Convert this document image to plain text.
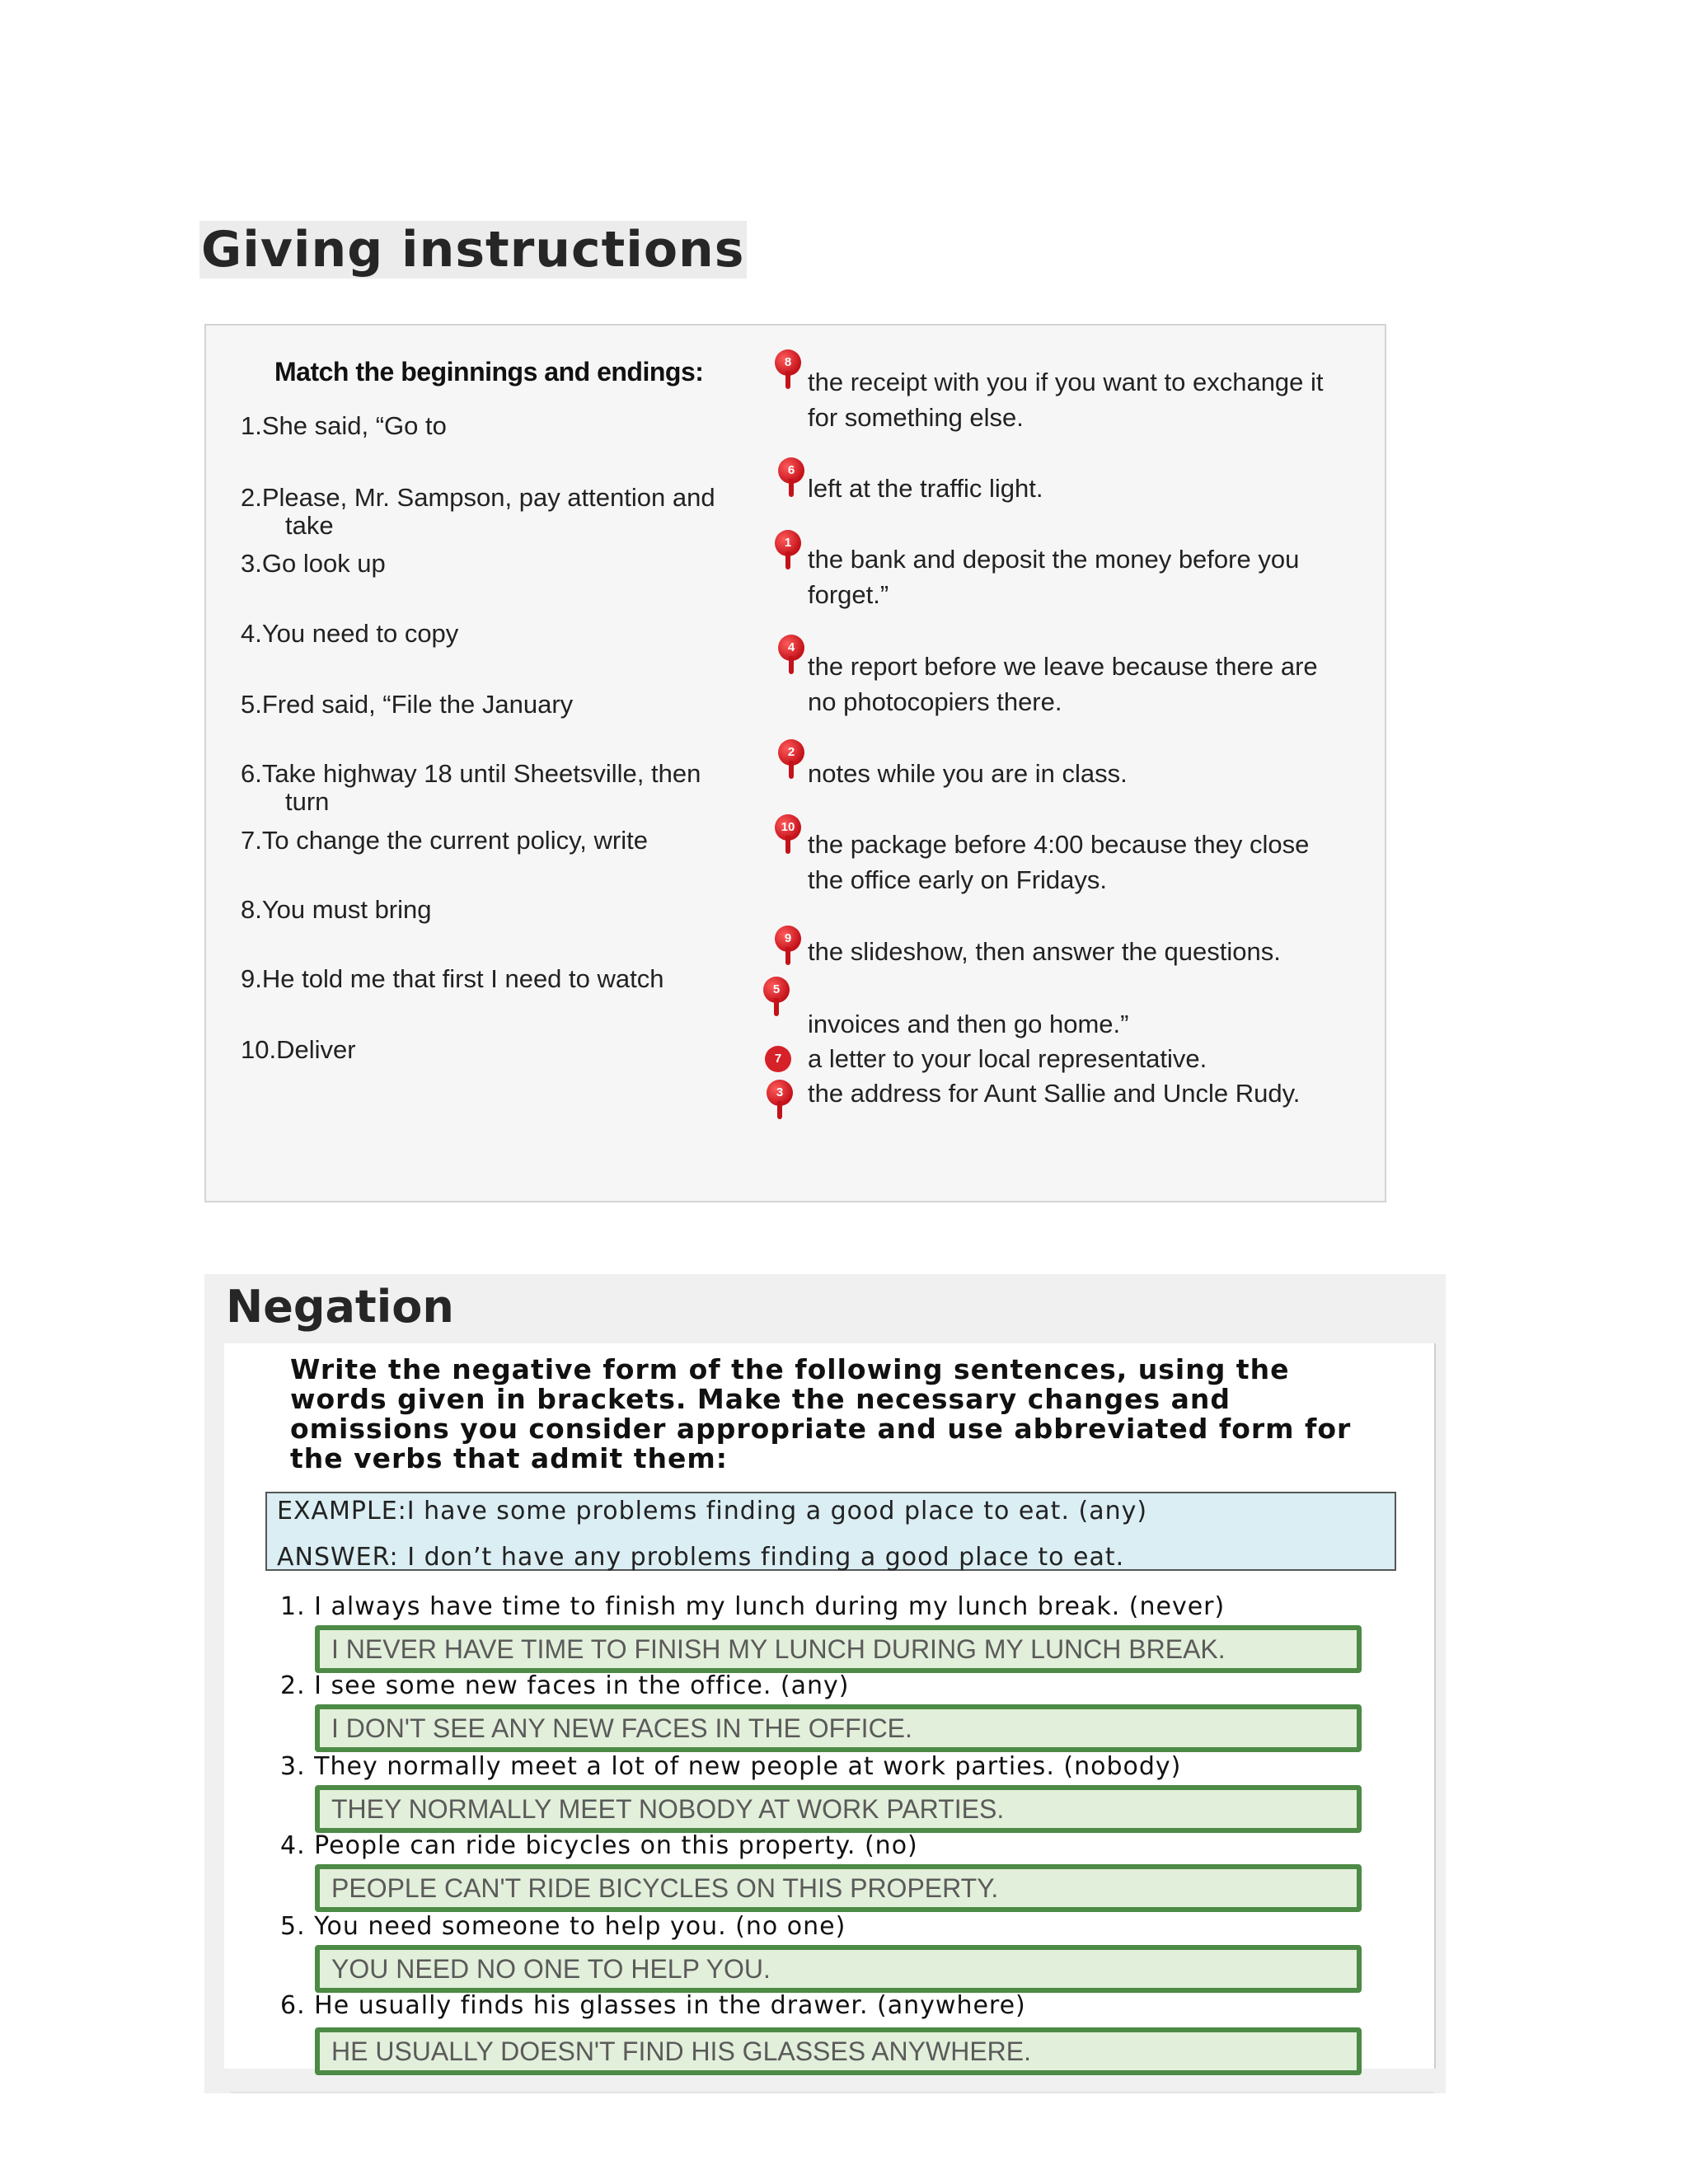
Giving instructions
Match the beginnings and endings:
1.She said, “Go to
2.Please, Mr. Sampson, pay attention and
take
3.Go look up
4.You need to copy
5.Fred said, “File the January
6.Take highway 18 until Sheetsville, then
turn
7.To change the current policy, write
8.You must bring
9.He told me that first I need to watch
10.Deliver
8
the receipt with you if you want to exchange it for something else.
6
left at the traffic light.
1
the bank and deposit the money before you forget.”
4
the report before we leave because there are no photocopiers there.
2
notes while you are in class.
10
the package before 4:00 because they close the office early on Fridays.
9 the slideshow, then answer the questions.
5
invoices and then go home.”
7	a letter to your local representative.
3 the address for Aunt Sallie and Uncle Rudy.
Negation
Write the negative form of the following sentences, using the words given in brackets. Make the necessary changes and omissions you consider appropriate and use abbreviated form for the verbs that admit them:
EXAMPLE:I have some problems finding a good place to eat. (any)
ANSWER: I don’t have any problems finding a good place to eat.
1. I always have time to finish my lunch during my lunch break. (never)
I NEVER HAVE TIME TO FINISH MY LUNCH DURING MY LUNCH BREAK.
2. I see some new faces in the office. (any)
I DON'T SEE ANY NEW FACES IN THE OFFICE.
3. They normally meet a lot of new people at work parties. (nobody)
THEY NORMALLY MEET NOBODY AT WORK PARTIES.
4. People can ride bicycles on this property. (no)
PEOPLE CAN'T RIDE BICYCLES ON THIS PROPERTY.
5. You need someone to help you. (no one)
YOU NEED NO ONE TO HELP YOU.
6. He usually finds his glasses in the drawer. (anywhere)
HE USUALLY DOESN'T FIND HIS GLASSES ANYWHERE.
